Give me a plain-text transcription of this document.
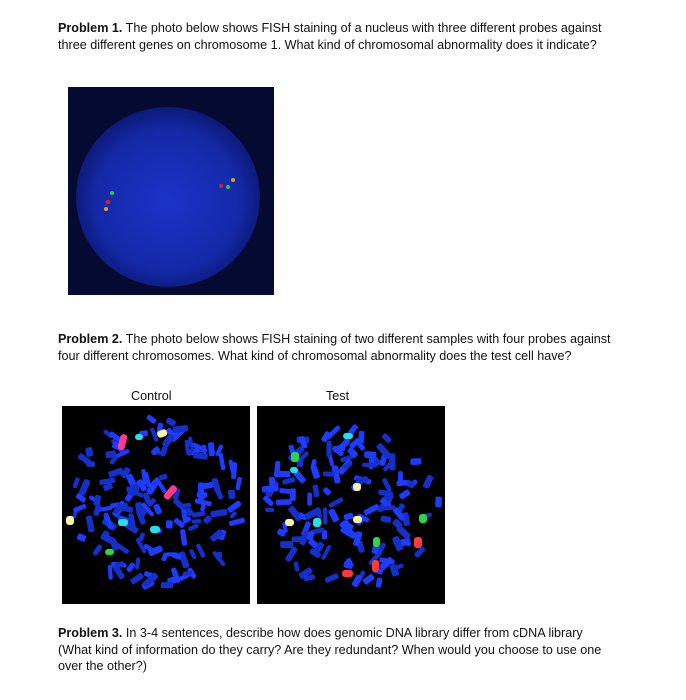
Problem 1. The photo below shows FISH staining of a nucleus with three different probes against three different genes on chromosome 1. What kind of chromosomal abnormality does it indicate?
Problem 2. The photo below shows FISH staining of two different samples with four probes against four different chromosomes. What kind of chromosomal abnormality does the test cell have?
Control	Test
Problem 3. In 3-4 sentences, describe how does genomic DNA library differ from cDNA library (What kind of information do they carry? Are they redundant? When would you choose to use one over the other?)
